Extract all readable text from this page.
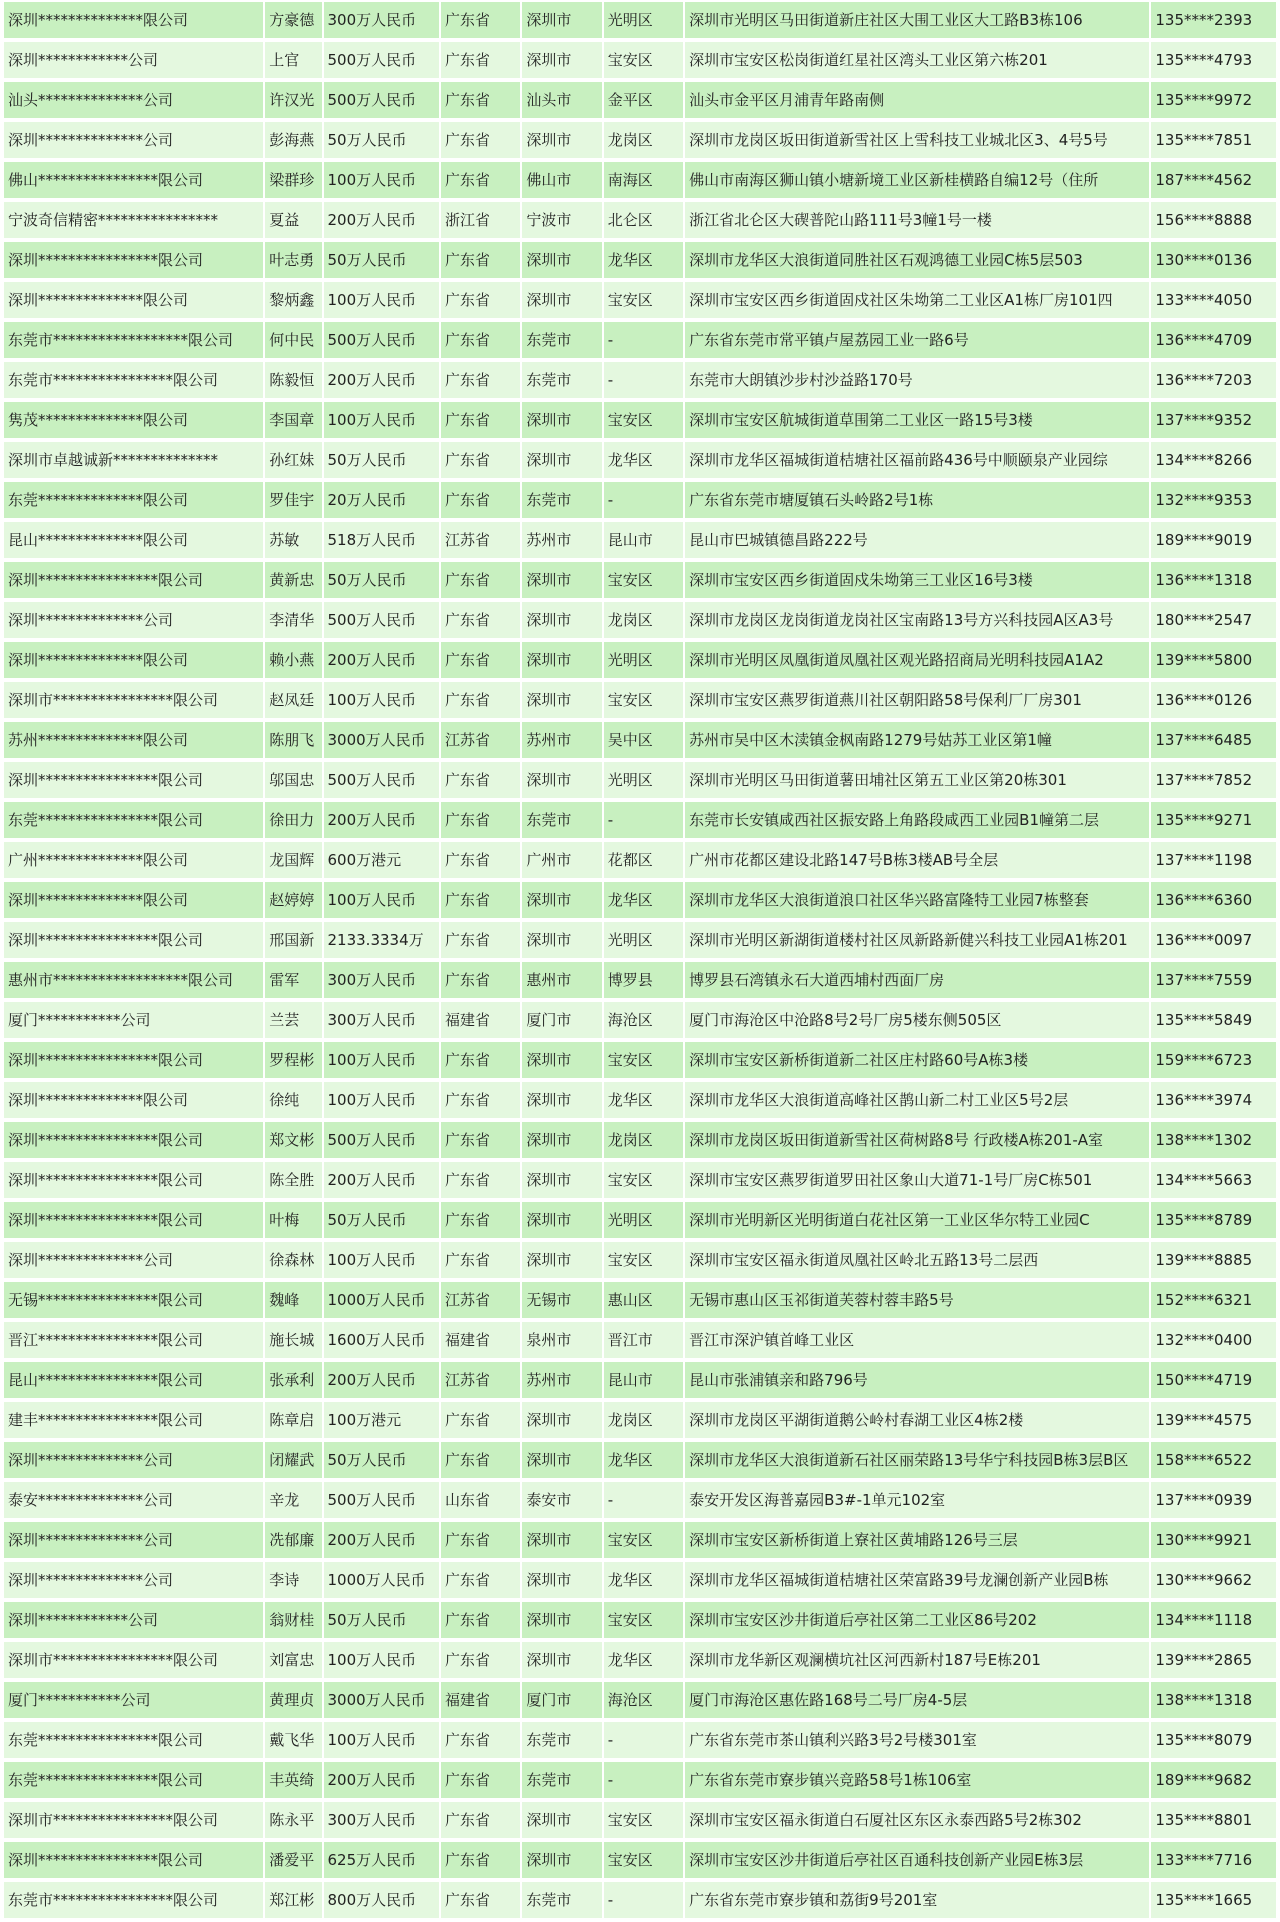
深圳**************限公司	方豪德	300万人民币	广东省	深圳市	光明区	深圳市光明区马田街道新庄社区大围工业区大工路B3栋106	135****2393
深圳************公司	上官	500万人民币	广东省	深圳市	宝安区	深圳市宝安区松岗街道红星社区湾头工业区第六栋201	135****4793
汕头**************公司	许汉光	500万人民币	广东省	汕头市	金平区	汕头市金平区月浦青年路南侧	135****9972
深圳**************公司	彭海燕	50万人民币	广东省	深圳市	龙岗区	深圳市龙岗区坂田街道新雪社区上雪科技工业城北区3、4号5号	135****7851
佛山****************限公司	梁群珍	100万人民币	广东省	佛山市	南海区	佛山市南海区狮山镇小塘新境工业区新桂横路自编12号（住所	187****4562
宁波奇信精密****************	夏益	200万人民币	浙江省	宁波市	北仑区	浙江省北仑区大碶普陀山路111号3幢1号一楼	156****8888
深圳****************限公司	叶志勇	50万人民币	广东省	深圳市	龙华区	深圳市龙华区大浪街道同胜社区石观鸿德工业园C栋5层503	130****0136
深圳**************限公司	黎炳鑫	100万人民币	广东省	深圳市	宝安区	深圳市宝安区西乡街道固戍社区朱坳第二工业区A1栋厂房101四	133****4050
东莞市******************限公司	何中民	500万人民币	广东省	东莞市	-	广东省东莞市常平镇卢屋荔园工业一路6号	136****4709
东莞市****************限公司	陈毅恒	200万人民币	广东省	东莞市	-	东莞市大朗镇沙步村沙益路170号	136****7203
隽茂**************限公司	李国章	100万人民币	广东省	深圳市	宝安区	深圳市宝安区航城街道草围第二工业区一路15号3楼	137****9352
深圳市卓越诚新**************	孙红妹	50万人民币	广东省	深圳市	龙华区	深圳市龙华区福城街道桔塘社区福前路436号中顺颐泉产业园综	134****8266
东莞**************限公司	罗佳宇	20万人民币	广东省	东莞市	-	广东省东莞市塘厦镇石头岭路2号1栋	132****9353
昆山**************限公司	苏敏	518万人民币	江苏省	苏州市	昆山市	昆山市巴城镇德昌路222号	189****9019
深圳****************限公司	黄新忠	50万人民币	广东省	深圳市	宝安区	深圳市宝安区西乡街道固戍朱坳第三工业区16号3楼	136****1318
深圳**************公司	李清华	500万人民币	广东省	深圳市	龙岗区	深圳市龙岗区龙岗街道龙岗社区宝南路13号方兴科技园A区A3号	180****2547
深圳**************限公司	赖小燕	200万人民币	广东省	深圳市	光明区	深圳市光明区凤凰街道凤凰社区观光路招商局光明科技园A1A2	139****5800
深圳市****************限公司	赵凤廷	100万人民币	广东省	深圳市	宝安区	深圳市宝安区燕罗街道燕川社区朝阳路58号保利厂厂房301	136****0126
苏州**************限公司	陈朋飞	3000万人民币	江苏省	苏州市	吴中区	苏州市吴中区木渎镇金枫南路1279号姑苏工业区第1幢	137****6485
深圳****************限公司	邬国忠	500万人民币	广东省	深圳市	光明区	深圳市光明区马田街道薯田埔社区第五工业区第20栋301	137****7852
东莞****************限公司	徐田力	200万人民币	广东省	东莞市	-	东莞市长安镇咸西社区振安路上角路段咸西工业园B1幢第二层	135****9271
广州**************限公司	龙国辉	600万港元	广东省	广州市	花都区	广州市花都区建设北路147号B栋3楼AB号全层	137****1198
深圳**************限公司	赵婷婷	100万人民币	广东省	深圳市	龙华区	深圳市龙华区大浪街道浪口社区华兴路富隆特工业园7栋整套	136****6360
深圳****************限公司	邢国新	2133.3334万	广东省	深圳市	光明区	深圳市光明区新湖街道楼村社区凤新路新健兴科技工业园A1栋201	136****0097
惠州市******************限公司	雷军	300万人民币	广东省	惠州市	博罗县	博罗县石湾镇永石大道西埔村西面厂房	137****7559
厦门***********公司	兰芸	300万人民币	福建省	厦门市	海沧区	厦门市海沧区中沧路8号2号厂房5楼东侧505区	135****5849
深圳****************限公司	罗程彬	100万人民币	广东省	深圳市	宝安区	深圳市宝安区新桥街道新二社区庄村路60号A栋3楼	159****6723
深圳**************限公司	徐纯	100万人民币	广东省	深圳市	龙华区	深圳市龙华区大浪街道高峰社区鹊山新二村工业区5号2层	136****3974
深圳****************限公司	郑文彬	500万人民币	广东省	深圳市	龙岗区	深圳市龙岗区坂田街道新雪社区荷树路8号 行政楼A栋201-A室	138****1302
深圳****************限公司	陈全胜	200万人民币	广东省	深圳市	宝安区	深圳市宝安区燕罗街道罗田社区象山大道71-1号厂房C栋501	134****5663
深圳****************限公司	叶梅	50万人民币	广东省	深圳市	光明区	深圳市光明新区光明街道白花社区第一工业区华尔特工业园C	135****8789
深圳**************公司	徐森林	100万人民币	广东省	深圳市	宝安区	深圳市宝安区福永街道凤凰社区岭北五路13号二层西	139****8885
无锡****************限公司	魏峰	1000万人民币	江苏省	无锡市	惠山区	无锡市惠山区玉祁街道芙蓉村蓉丰路5号	152****6321
晋江****************限公司	施长城	1600万人民币	福建省	泉州市	晋江市	晋江市深沪镇首峰工业区	132****0400
昆山****************限公司	张承利	200万人民币	江苏省	苏州市	昆山市	昆山市张浦镇亲和路796号	150****4719
建丰****************限公司	陈章启	100万港元	广东省	深圳市	龙岗区	深圳市龙岗区平湖街道鹅公岭村春湖工业区4栋2楼	139****4575
深圳**************公司	闭耀武	50万人民币	广东省	深圳市	龙华区	深圳市龙华区大浪街道新石社区丽荣路13号华宁科技园B栋3层B区	158****6522
泰安**************公司	辛龙	500万人民币	山东省	泰安市	-	泰安开发区海普嘉园B3#-1单元102室	137****0939
深圳**************公司	冼郁廉	200万人民币	广东省	深圳市	宝安区	深圳市宝安区新桥街道上寮社区黄埔路126号三层	130****9921
深圳**************公司	李诗	1000万人民币	广东省	深圳市	龙华区	深圳市龙华区福城街道桔塘社区荣富路39号龙澜创新产业园B栋	130****9662
深圳************公司	翁财桂	50万人民币	广东省	深圳市	宝安区	深圳市宝安区沙井街道后亭社区第二工业区86号202	134****1118
深圳市****************限公司	刘富忠	100万人民币	广东省	深圳市	龙华区	深圳市龙华新区观澜横坑社区河西新村187号E栋201	139****2865
厦门***********公司	黄理贞	3000万人民币	福建省	厦门市	海沧区	厦门市海沧区惠佐路168号二号厂房4-5层	138****1318
东莞****************限公司	戴飞华	100万人民币	广东省	东莞市	-	广东省东莞市茶山镇利兴路3号2号楼301室	135****8079
东莞****************限公司	丰英绮	200万人民币	广东省	东莞市	-	广东省东莞市寮步镇兴竞路58号1栋106室	189****9682
深圳市****************限公司	陈永平	300万人民币	广东省	深圳市	宝安区	深圳市宝安区福永街道白石厦社区东区永泰西路5号2栋302	135****8801
深圳****************限公司	潘爱平	625万人民币	广东省	深圳市	宝安区	深圳市宝安区沙井街道后亭社区百通科技创新产业园E栋3层	133****7716
东莞市****************限公司	郑江彬	800万人民币	广东省	东莞市	-	广东省东莞市寮步镇和荔街9号201室	135****1665
